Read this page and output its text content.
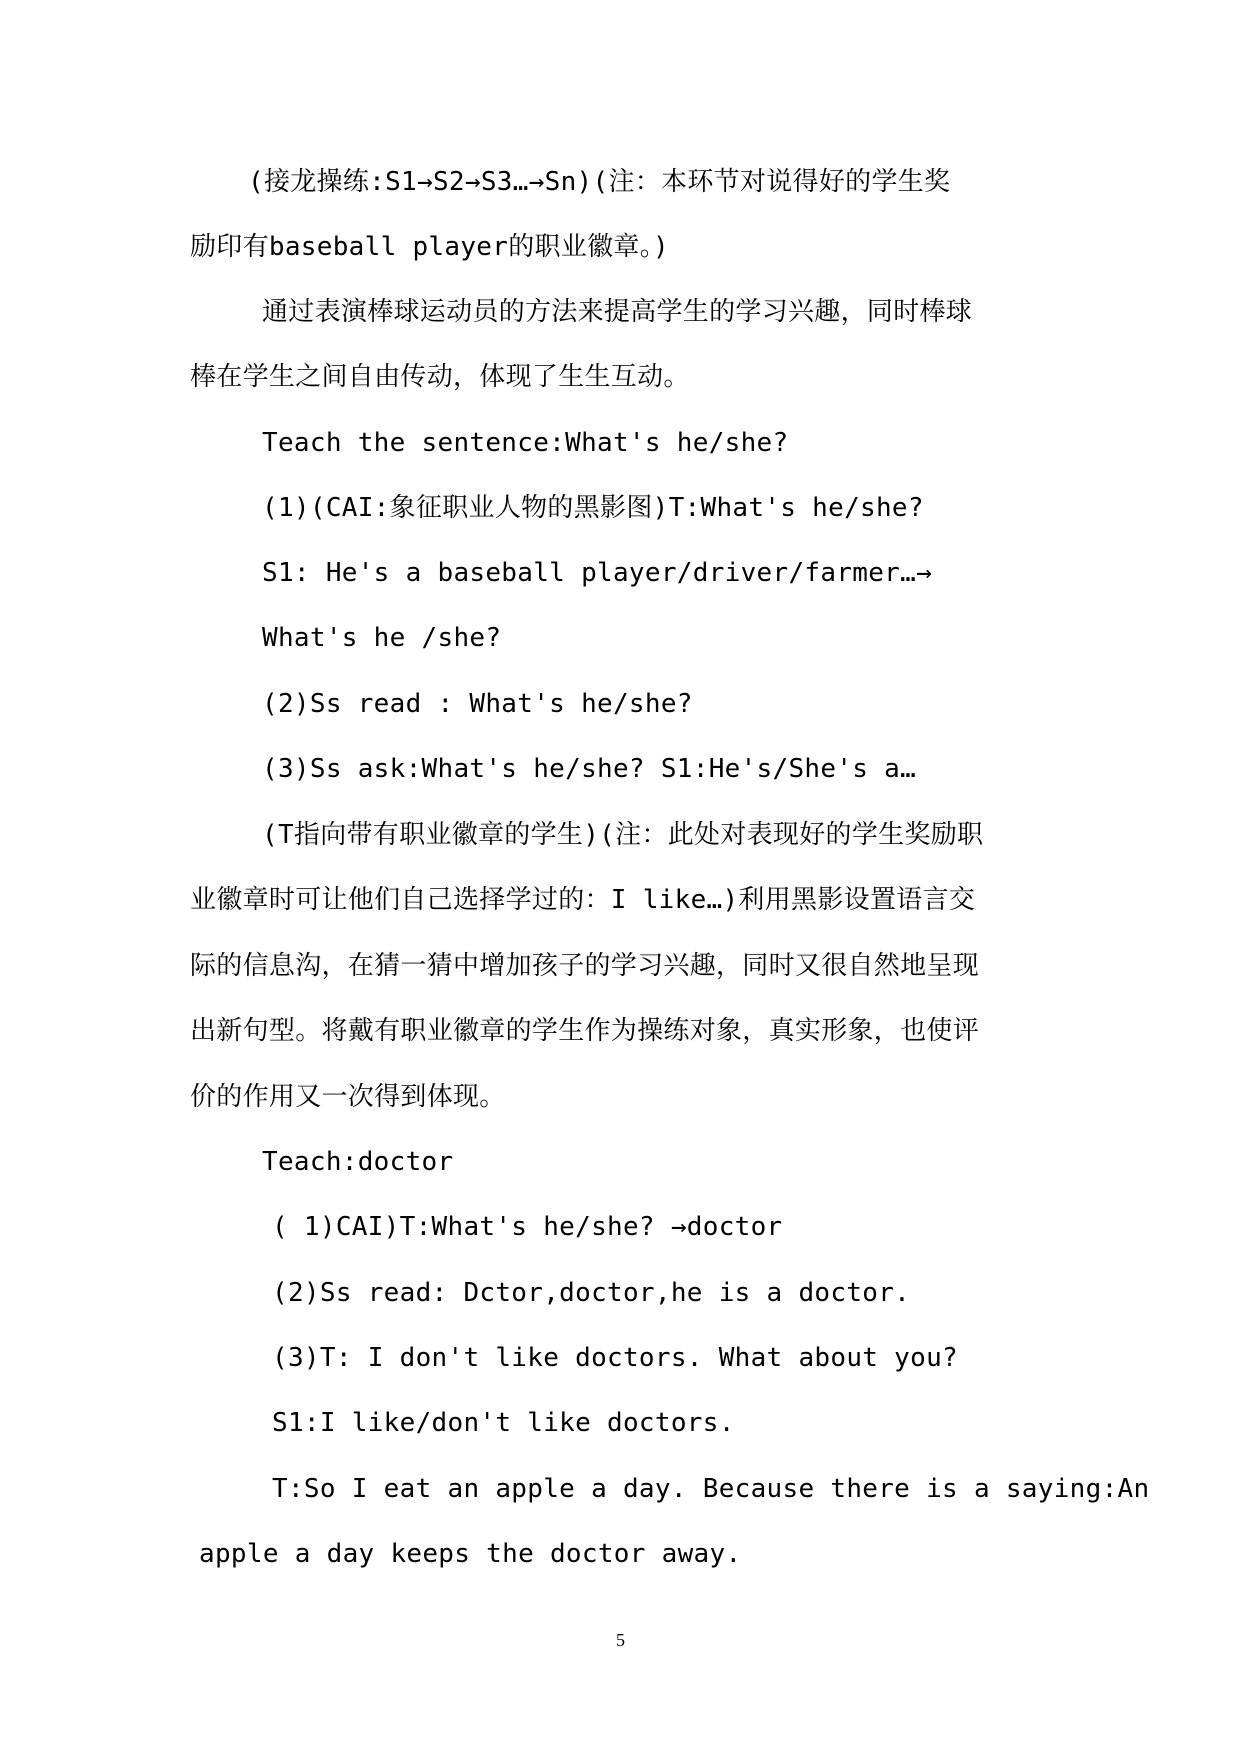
(接龙操练:S1→S2→S3…→Sn)(注：本环节对说得好的学生奖
励印有baseball player的职业徽章。)
通过表演棒球运动员的方法来提高学生的学习兴趣，同时棒球
棒在学生之间自由传动，体现了生生互动。
Teach the sentence:What's he/she?
(1)(CAI:象征职业人物的黑影图)T:What's he/she?
S1: He's a baseball player/driver/farmer…→
What's he /she?
(2)Ss read : What's he/she?
(3)Ss ask:What's he/she? S1:He's/She's a…
(T指向带有职业徽章的学生)(注：此处对表现好的学生奖励职
业徽章时可让他们自己选择学过的：I like…)利用黑影设置语言交
际的信息沟，在猜一猜中增加孩子的学习兴趣，同时又很自然地呈现
出新句型。将戴有职业徽章的学生作为操练对象，真实形象，也使评
价的作用又一次得到体现。
Teach:doctor
( 1)CAI)T:What's he/she? →doctor
(2)Ss read: Dctor,doctor,he is a doctor.
(3)T: I don't like doctors. What about you?
S1:I like/don't like doctors.
T:So I eat an apple a day. Because there is a saying:An
apple a day keeps the doctor away.
5
